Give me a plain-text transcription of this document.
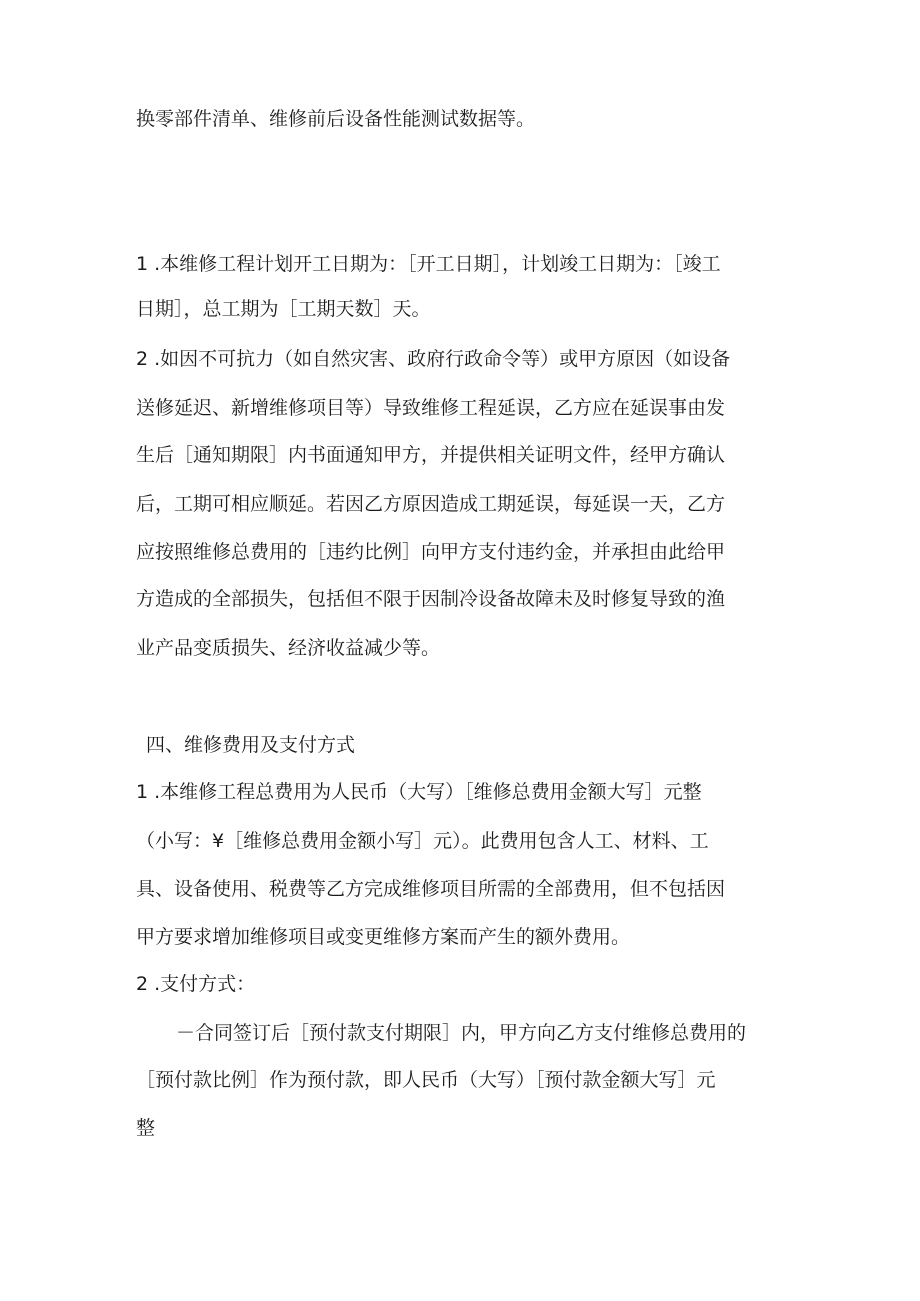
换零部件清单、维修前后设备性能测试数据等。
1 .本维修工程计划开工日期为：［开工日期］，计划竣工日期为：［竣工
日期］，总工期为［工期天数］天。
2 .如因不可抗力（如自然灾害、政府行政命令等）或甲方原因（如设备
送修延迟、新增维修项目等）导致维修工程延误，乙方应在延误事由发
生后［通知期限］内书面通知甲方，并提供相关证明文件，经甲方确认
后，工期可相应顺延。若因乙方原因造成工期延误，每延误一天，乙方
应按照维修总费用的［违约比例］向甲方支付违约金，并承担由此给甲
方造成的全部损失，包括但不限于因制冷设备故障未及时修复导致的渔
业产品变质损失、经济收益减少等。
四、维修费用及支付方式
1 .本维修工程总费用为人民币（大写）［维修总费用金额大写］元整
（小写：¥［维修总费用金额小写］元）。此费用包含人工、材料、工
具、设备使用、税费等乙方完成维修项目所需的全部费用，但不包括因
甲方要求增加维修项目或变更维修方案而产生的额外费用。
2 .支付方式：
－合同签订后［预付款支付期限］内，甲方向乙方支付维修总费用的
［预付款比例］作为预付款，即人民币（大写）［预付款金额大写］元
整
